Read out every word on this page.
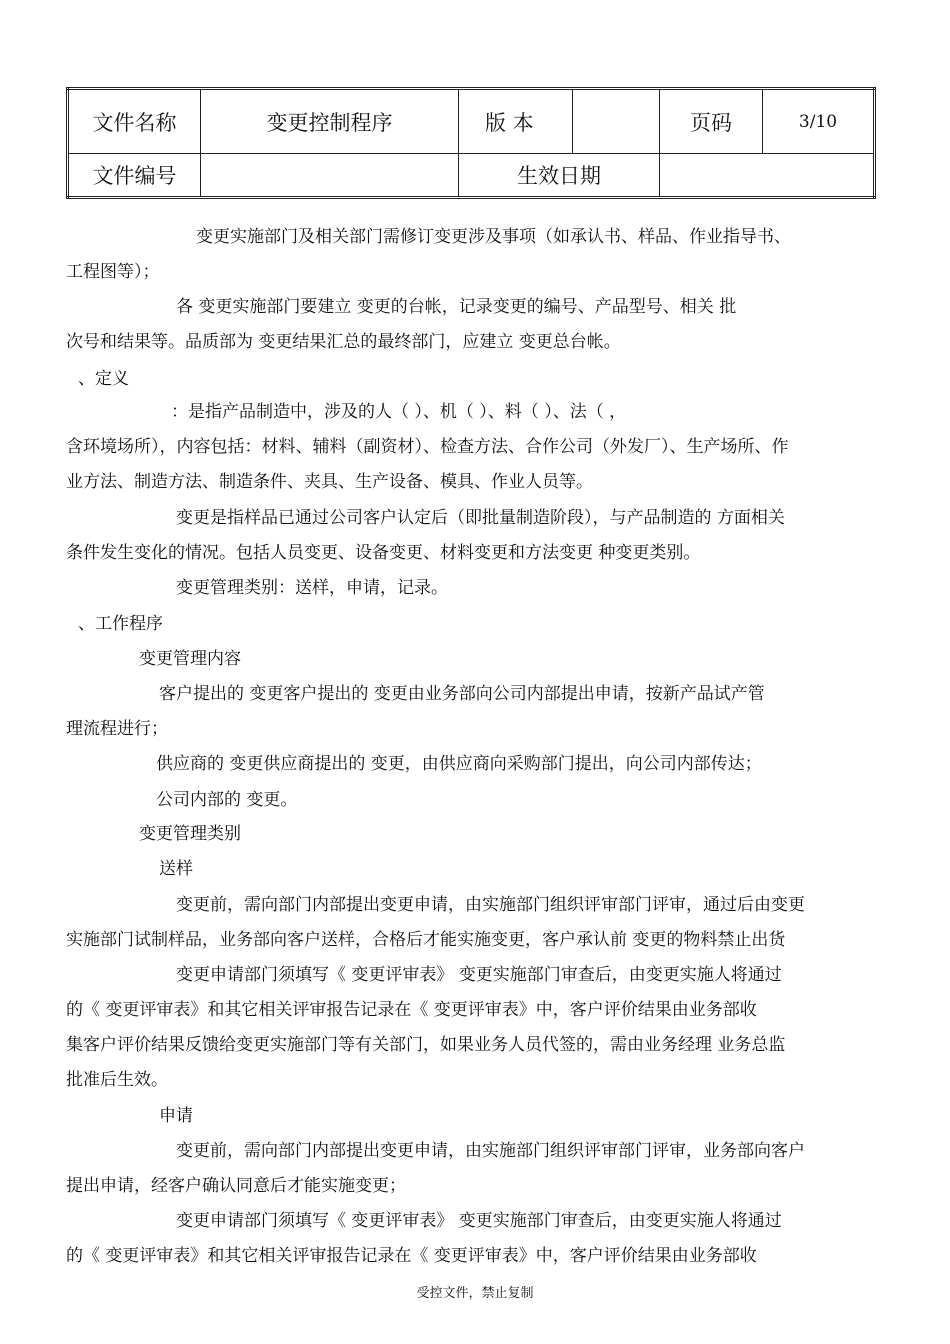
文件名称	变更控制程序	版 本		页码	3/10
文件编号		生效日期			
变更实施部门及相关部门需修订变更涉及事项（如承认书、样品、作业指导书、
工程图等）；
各 变更实施部门要建立 变更的台帐，记录变更的编号、产品型号、相关 批
次号和结果等。品质部为 变更结果汇总的最终部门，应建立 变更总台帐。
、定义
：是指产品制造中，涉及的人（ ）、机（ ）、料（ ）、法（ ，
含环境场所），内容包括：材料、辅料（副资材）、检查方法、合作公司（外发厂）、生产场所、作
业方法、制造方法、制造条件、夹具、生产设备、模具、作业人员等。
变更是指样品已通过公司客户认定后（即批量制造阶段），与产品制造的 方面相关
条件发生变化的情况。包括人员变更、设备变更、材料变更和方法变更 种变更类别。
变更管理类别：送样，申请，记录。
、工作程序
变更管理内容
客户提出的 变更客户提出的 变更由业务部向公司内部提出申请，按新产品试产管
理流程进行；
供应商的 变更供应商提出的 变更，由供应商向采购部门提出，向公司内部传达；
公司内部的 变更。
变更管理类别
送样
变更前，需向部门内部提出变更申请，由实施部门组织评审部门评审，通过后由变更
实施部门试制样品，业务部向客户送样，合格后才能实施变更，客户承认前 变更的物料禁止出货
变更申请部门须填写《 变更评审表》 变更实施部门审查后，由变更实施人将通过
的《 变更评审表》和其它相关评审报告记录在《 变更评审表》中，客户评价结果由业务部收
集客户评价结果反馈给变更实施部门等有关部门，如果业务人员代签的，需由业务经理 业务总监
批准后生效。
申请
变更前，需向部门内部提出变更申请，由实施部门组织评审部门评审，业务部向客户
提出申请，经客户确认同意后才能实施变更；
变更申请部门须填写《 变更评审表》 变更实施部门审查后，由变更实施人将通过
的《 变更评审表》和其它相关评审报告记录在《 变更评审表》中，客户评价结果由业务部收
受控文件，禁止复制
